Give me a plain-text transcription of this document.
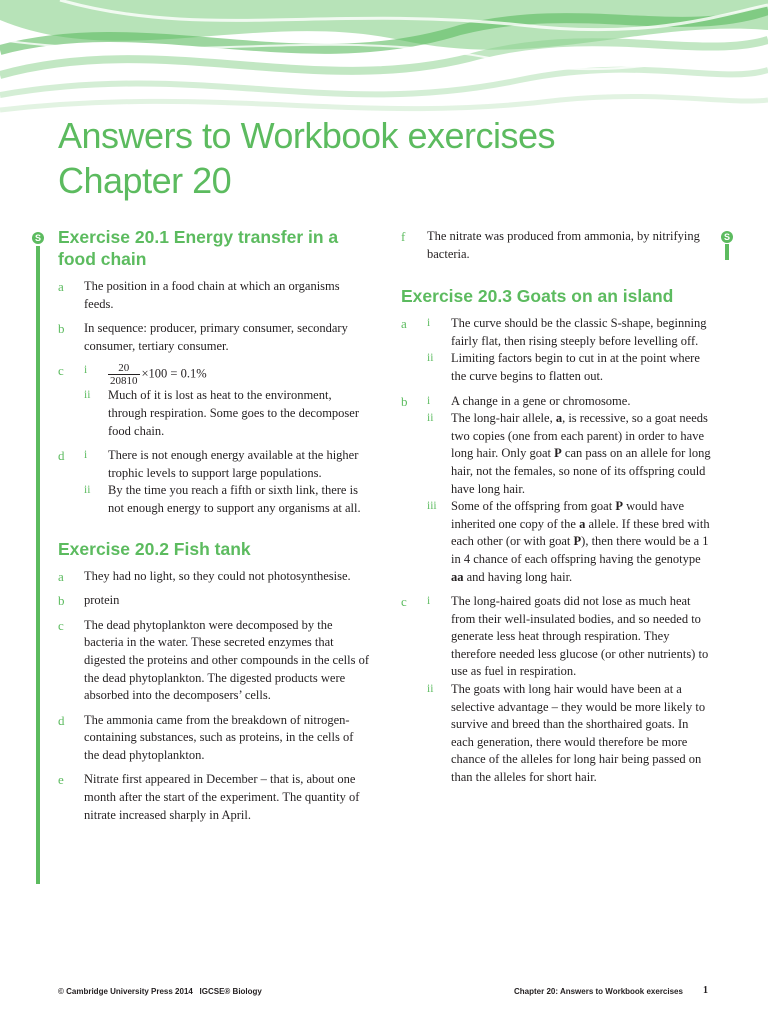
Answers to Workbook exercises
Chapter 20
S	S
Exercise 20.1 Energy transfer in a food chain
a	The position in a food chain at which an organisms feeds.
b	In sequence: producer, primary consumer, secondary consumer, tertiary consumer.
c	i	$\frac{20}{20810} \times 100 = 0.1\%$
ii	Much of it is lost as heat to the environment, through respiration. Some goes to the decomposer food chain.
d	i	There is not enough energy available at the higher trophic levels to support large populations.
ii	By the time you reach a fifth or sixth link, there is not enough energy to support any organisms at all.
Exercise 20.2 Fish tank
a	They had no light, so they could not photosynthesise.
b	protein
c	The dead phytoplankton were decomposed by the bacteria in the water. These secreted enzymes that digested the proteins and other compounds in the cells of the dead phytoplankton. The digested products were absorbed into the decomposers’ cells.
d	The ammonia came from the breakdown of nitrogen-containing substances, such as proteins, in the cells of the dead phytoplankton.
e	Nitrate first appeared in December – that is, about one month after the start of the experiment. The quantity of nitrate increased sharply in April.
f	The nitrate was produced from ammonia, by nitrifying bacteria.
Exercise 20.3 Goats on an island
a	i	The curve should be the classic S-shape, beginning fairly flat, then rising steeply before levelling off.
ii	Limiting factors begin to cut in at the point where the curve begins to flatten out.
b	i	A change in a gene or chromosome.
ii	The long-hair allele, a, is recessive, so a goat needs two copies (one from each parent) in order to have long hair. Only goat P can pass on an allele for long hair, not the females, so none of its offspring could have long hair.
iii	Some of the offspring from goat P would have inherited one copy of the a allele. If these bred with each other (or with goat P), then there would be a 1 in 4 chance of each offspring having the genotype aa and having long hair.
c	i	The long-haired goats did not lose as much heat from their well-insulated bodies, and so needed to generate less heat through respiration. They therefore needed less glucose (or other nutrients) to use as fuel in respiration.
ii	The goats with long hair would have been at a selective advantage – they would be more likely to survive and breed than the shorthaired goats. In each generation, there would therefore be more chance of the alleles for long hair being passed on than the alleles for short hair.
© Cambridge University Press 2014 IGCSE® Biology	Chapter 20: Answers to Workbook exercises 1
